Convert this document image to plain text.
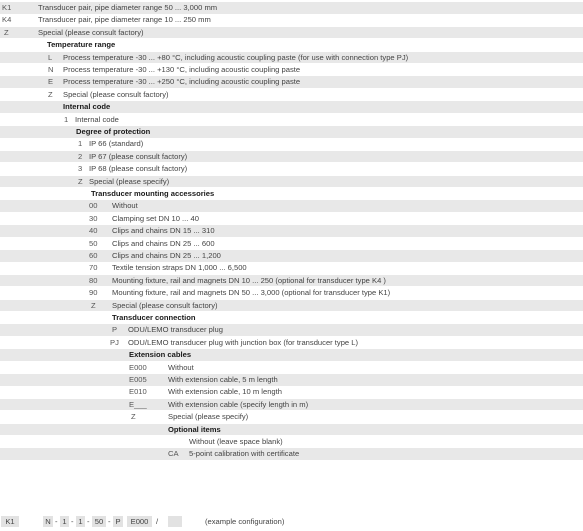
K1	Transducer pair, pipe diameter range 50 ... 3,000 mm
K4	Transducer pair, pipe diameter range 10 ... 250 mm
Z	Special (please consult factory)
Temperature range
L Process temperature -30 ... +80 °C, including acoustic coupling paste (for use with connection type PJ)
N Process temperature -30 ... +130 °C, including acoustic coupling paste
E Process temperature -30 ... +250 °C, including acoustic coupling paste
Z Special (please consult factory)
Internal code
1 Internal code
Degree of protection
1 IP 66 (standard)
2 IP 67 (please consult factory)
3 IP 68 (please consult factory)
Z Special (please specify)
Transducer mounting accessories
00 Without
30 Clamping set DN 10 ... 40
40 Clips and chains DN 15 ... 310
50 Clips and chains DN 25 ... 600
60 Clips and chains DN 25 ... 1,200
70 Textile tension straps DN 1,000 ... 6,500
80 Mounting fixture, rail and magnets DN 10 ... 250 (optional for transducer type K4 )
90 Mounting fixture, rail and magnets DN 50 ... 3,000 (optional for transducer type K1)
Z Special (please consult factory)
Transducer connection
P ODU/LEMO transducer plug
PJ ODU/LEMO transducer plug with junction box (for transducer type L)
Extension cables
E000	Without
E005	With extension cable, 5 m length
E010	With extension cable, 10 m length
E___	With extension cable (specify length in m)
Z	Special (please specify)
Optional items
Without (leave space blank)
CA 5-point calibration with certificate
K1	N - 1 - 1 - 50 - P	E000	/	(example configuration)
